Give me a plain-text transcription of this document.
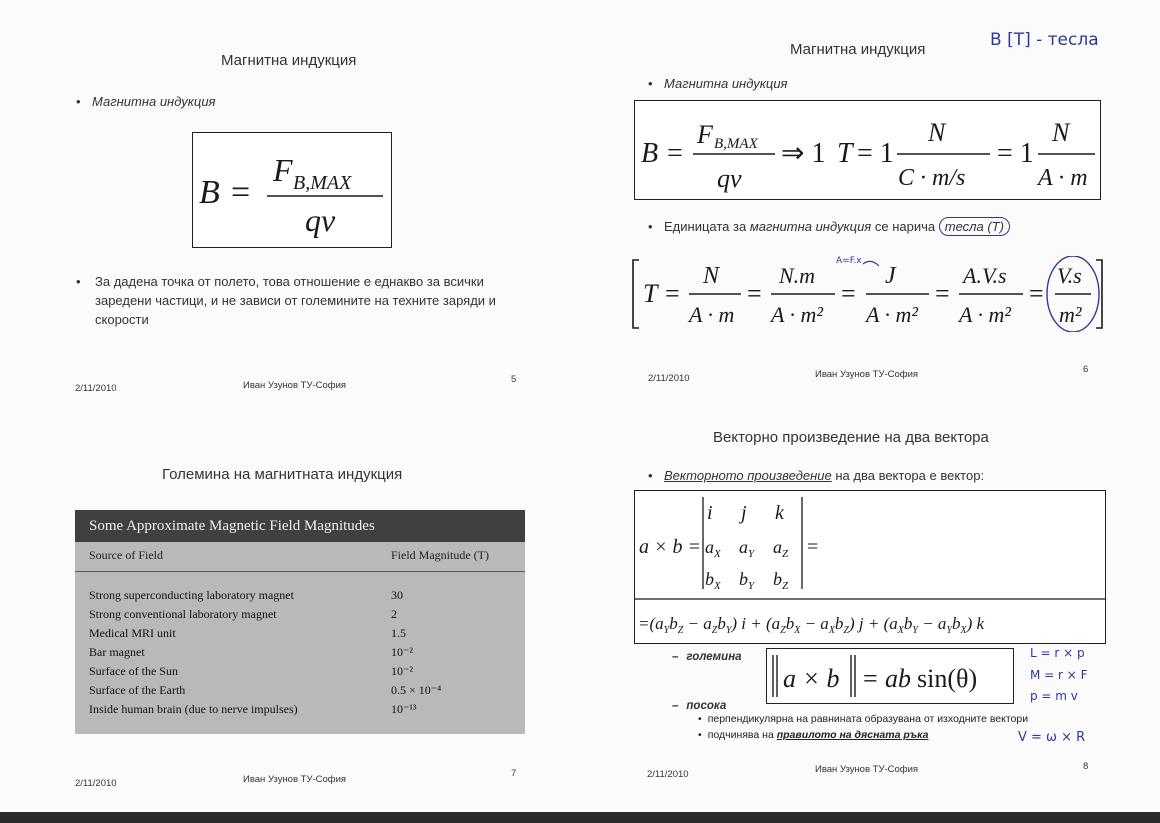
Магнитна индукция
• Магнитна индукция
B =
F B,MAX
qv
•	За дадена точка от полето, това отношение е еднакво за всички заредени частици, и не зависи от големините на техните заряди и скорости
2/11/2010	Иван Узунов ТУ-София
5
Магнитна индукция	B [T] - тесла
• Магнитна индукция
B =
F B,MAX
qv
⇒ 1 T = 1
N
C · m/s
= 1
N
A · m
• Единицата за магнитна индукция се нарича тесла (Т)
T =
N
A · m
=
N.m
A · m²
=
J
A · m²
=
A.V.s
A · m²
=
V.s
m²
A=F.x
2/11/2010	Иван Узунов ТУ-София	6
Големина на магнитната индукция
Some Approximate Magnetic Field Magnitudes
Source of Field	Field Magnitude (T)
Strong superconducting laboratory magnet	30
Strong conventional laboratory magnet	2
Medical MRI unit	1.5
Bar magnet	10⁻²
Surface of the Sun	10⁻²
Surface of the Earth	0.5 × 10⁻⁴
Inside human brain (due to nerve impulses)	10⁻¹³
2/11/2010	Иван Узунов ТУ-София
7
Векторно произведение на два вектора
• Векторното произведение на два вектора е вектор:
a × b =
i j k
$a_X$ $a_Y$ $a_Z$
$b_X$ $b_Y$ $b_Z$
=
$=(a_Yb_Z - a_Zb_Y) i + (a_Zb_X - a_Xb_Z) j + (a_Xb_Y - a_Yb_X)$ k
– големина
a × b = ab sin(θ)
– посока
• перпендикулярна на равнината образувана от изходните вектори
• подчинява на правилото на дясната ръка
L = r × p
M = r × F
p = m v
V = ω × R
2/11/2010	Иван Узунов ТУ-София	8
